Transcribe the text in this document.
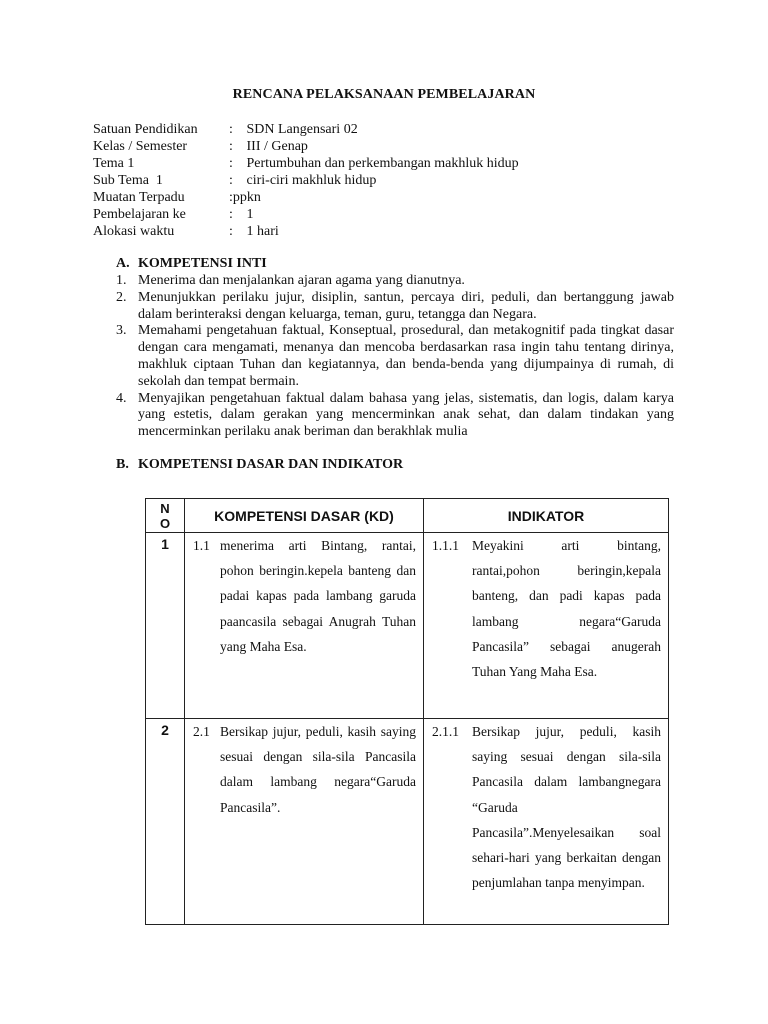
RENCANA PELAKSANAAN PEMBELAJARAN
Satuan Pendidikan	: SDN Langensari 02
Kelas / Semester	: III / Genap
Tema 1	: Pertumbuhan dan perkembangan makhluk hidup
Sub Tema  1	: ciri-ciri makhluk hidup
Muatan Terpadu	: ppkn
Pembelajaran ke	: 1
Alokasi waktu	: 1 hari
A. KOMPETENSI INTI
1. Menerima dan menjalankan ajaran agama yang dianutnya.
2. Menunjukkan perilaku jujur, disiplin, santun, percaya diri, peduli, dan bertanggung jawab dalam berinteraksi dengan keluarga, teman, guru, tetangga dan Negara.
3. Memahami pengetahuan faktual, Konseptual, prosedural, dan metakognitif pada tingkat dasar dengan cara mengamati, menanya dan mencoba berdasarkan rasa ingin tahu tentang dirinya, makhluk ciptaan Tuhan dan kegiatannya, dan benda-benda yang dijumpainya di rumah, di sekolah dan tempat bermain.
4. Menyajikan pengetahuan faktual dalam bahasa yang jelas, sistematis, dan logis, dalam karya yang estetis, dalam gerakan yang mencerminkan anak sehat, dan dalam tindakan yang mencerminkan perilaku anak beriman dan berakhlak mulia
B. KOMPETENSI DASAR DAN INDIKATOR
N
O	KOMPETENSI DASAR (KD)	INDIKATOR
1	1.1 menerima arti Bintang, rantai, pohon beringin.kepela banteng dan padai kapas pada lambang garuda paancasila sebagai Anugrah Tuhan yang Maha Esa.	1.1.1 Meyakini arti bintang, rantai,pohon beringin,kepala banteng, dan padi kapas pada lambang negara“Garuda Pancasila” sebagai anugerah Tuhan Yang Maha Esa.

2	2.1 Bersikap jujur, peduli, kasih saying sesuai dengan sila-sila Pancasila dalam lambang negara“Garuda Pancasila”.	2.1.1 Bersikap jujur, peduli, kasih saying sesuai dengan sila-sila Pancasila dalam lambangnegara “Garuda Pancasila”.Menyelesaikan soal sehari-hari yang berkaitan dengan penjumlahan tanpa menyimpan.
